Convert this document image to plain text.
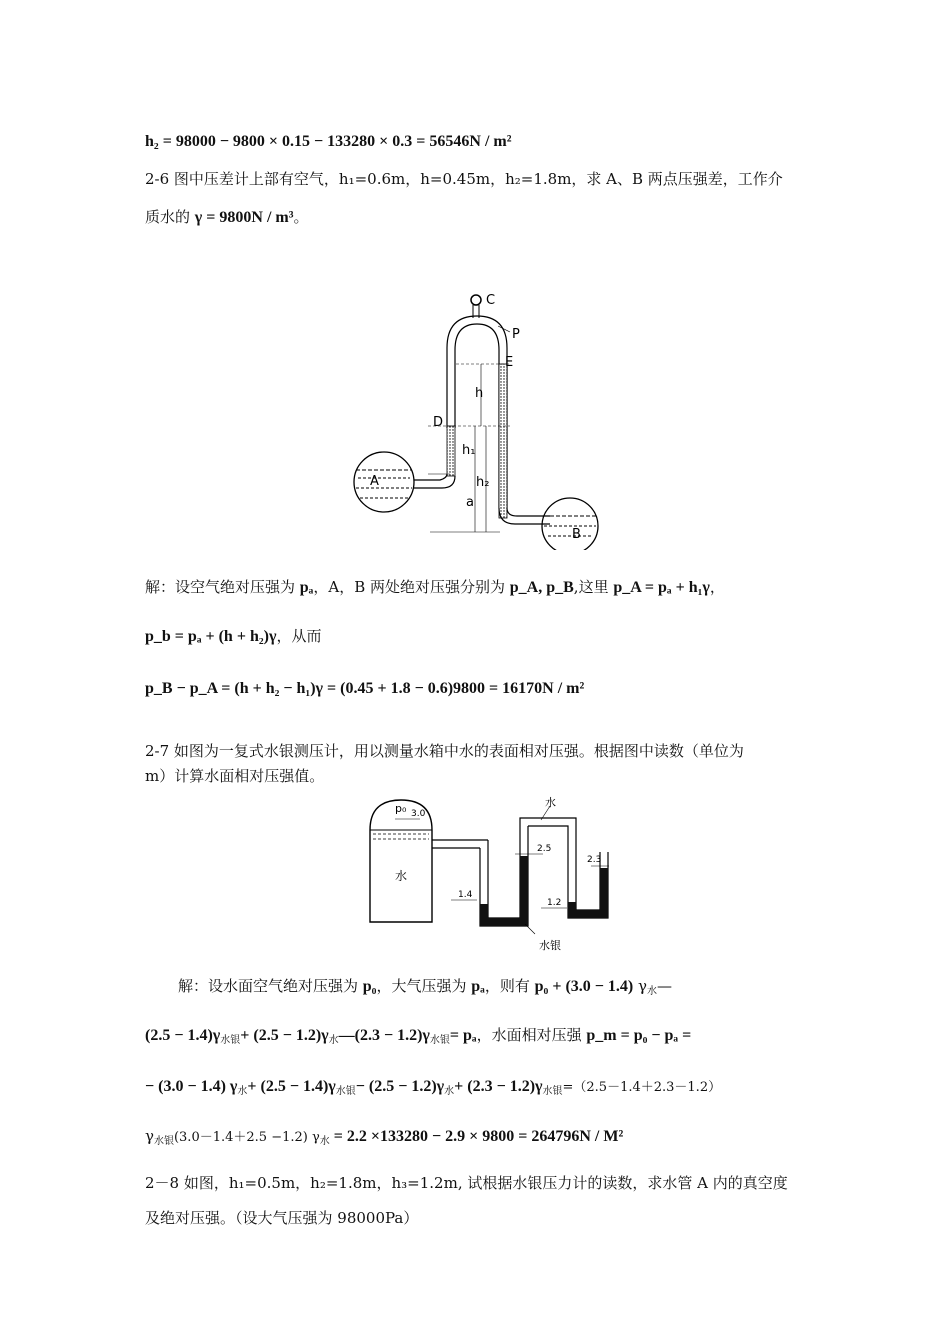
h₂ = 98000 − 9800 × 0.15 − 133280 × 0.3 = 56546N / m²
2-6 图中压差计上部有空气，h₁=0.6m，h=0.45m，h₂=1.8m，求 A、B 两点压强差，工作介
质水的 γ = 9800N / m³。
C
P
E
D
h
h₁
h₂
a
A
B
解：设空气绝对压强为 pₐ，A，B 两处绝对压强分别为 p_A, p_B,这里 p_A = pₐ + h₁γ，
p_b = pₐ + (h + h₂)γ，从而
p_B − p_A = (h + h₂ − h₁)γ = (0.45 + 1.8 − 0.6)9800 = 16170N / m²
2-7 如图为一复式水银测压计，用以测量水箱中水的表面相对压强。根据图中读数（单位为
m）计算水面相对压强值。
p₀ 3.0
水
水
2.5
2.3
1.4
1.2
水银
解：设水面空气绝对压强为 p₀，大气压强为 pₐ，则有 p₀ + (3.0 − 1.4) $\gamma_水—$
$(2.5 - 1.4)\gamma_{水银}+ (2.5$ − $1.2)\gamma_水—(2.3 - 1.2)\gamma_{水银}= p_a$，水面相对压强 p_m = p₀ − pₐ =
− (3.0 − 1.4) $\gamma_水+ (2.5 - 1.4)\gamma_{水银}- (2.5 - 1.2)\gamma_水+ (2.3 - 1.2)\gamma_{水银}=(2.5-1.4+2.3-1.2)$
$\gamma_{水银}(3.0-1.4+2.5 -1.2) \gamma_水 = 2.2 \times 133280 - 2.9 \times 9800 = 264796N / M^2$
2－8 如图，h₁=0.5m，h₂=1.8m，h₃=1.2m, 试根据水银压力计的读数，求水管 A 内的真空度
及绝对压强。（设大气压强为 98000Pa）
